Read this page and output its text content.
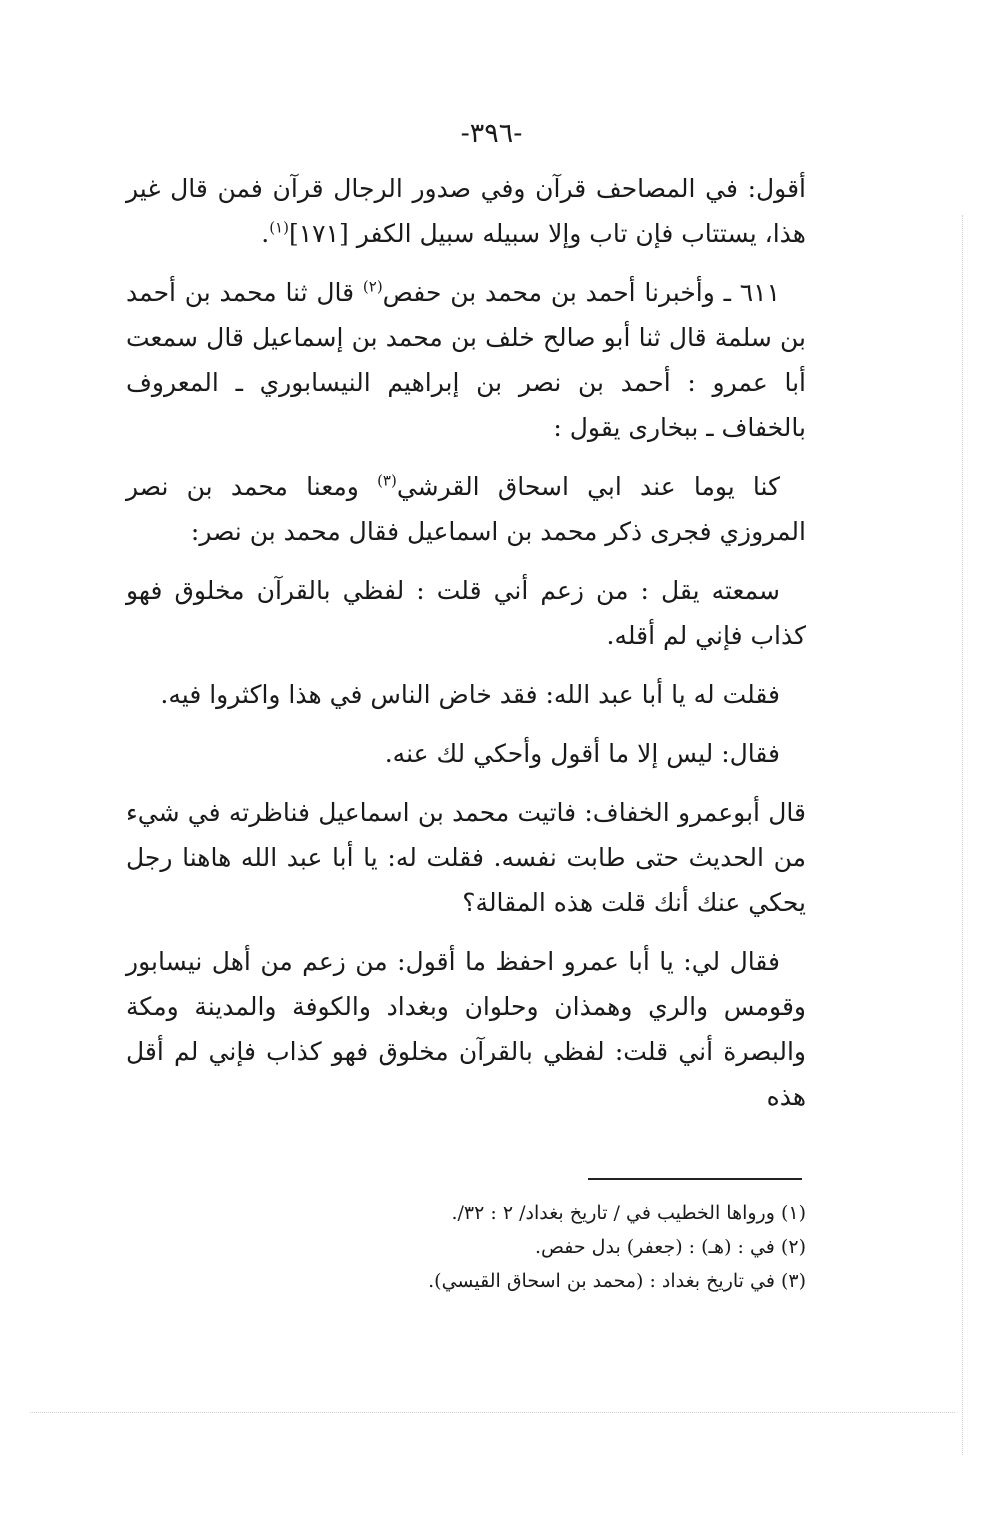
-٣٩٦-

أقول: في المصاحف قرآن وفي صدور الرجال قرآن فمن قال غير هذا، يستتاب فإن تاب وإلا سبيله سبيل الكفر [١٧١]$^{(١)}$.

٦١١ ـ وأخبرنا أحمد بن محمد بن حفص$^{(٢)}$ قال ثنا محمد بن أحمد بن سلمة قال ثنا أبو صالح خلف بن محمد بن إسماعيل قال سمعت أبا عمرو : أحمد بن نصر بن إبراهيم النيسابوري ـ المعروف بالخفاف ـ ببخارى يقول :

كنا يوما عند ابي اسحاق القرشي$^{(٣)}$ ومعنا محمد بن نصر المروزي فجرى ذكر محمد بن اسماعيل فقال محمد بن نصر:

سمعته يقل : من زعم أني قلت : لفظي بالقرآن مخلوق فهو كذاب فإني لم أقله.

فقلت له يا أبا عبد الله: فقد خاض الناس في هذا واكثروا فيه.

فقال: ليس إلا ما أقول وأحكي لك عنه.

قال أبوعمرو الخفاف: فاتيت محمد بن اسماعيل فناظرته في شيء من الحديث حتى طابت نفسه. فقلت له: يا أبا عبد الله هاهنا رجل يحكي عنك أنك قلت هذه المقالة؟

فقال لي: يا أبا عمرو احفظ ما أقول: من زعم من أهل نيسابور وقومس والري وهمذان وحلوان وبغداد والكوفة والمدينة ومكة والبصرة أني قلت: لفظي بالقرآن مخلوق فهو كذاب فإني لم أقل هذه

(١) ورواها الخطيب في / تاريخ بغداد/ ٢ : ٣٢/.
(٢) في : (هـ) : (جعفر) بدل حفص.
(٣) في تاريخ بغداد : (محمد بن اسحاق القيسي).
